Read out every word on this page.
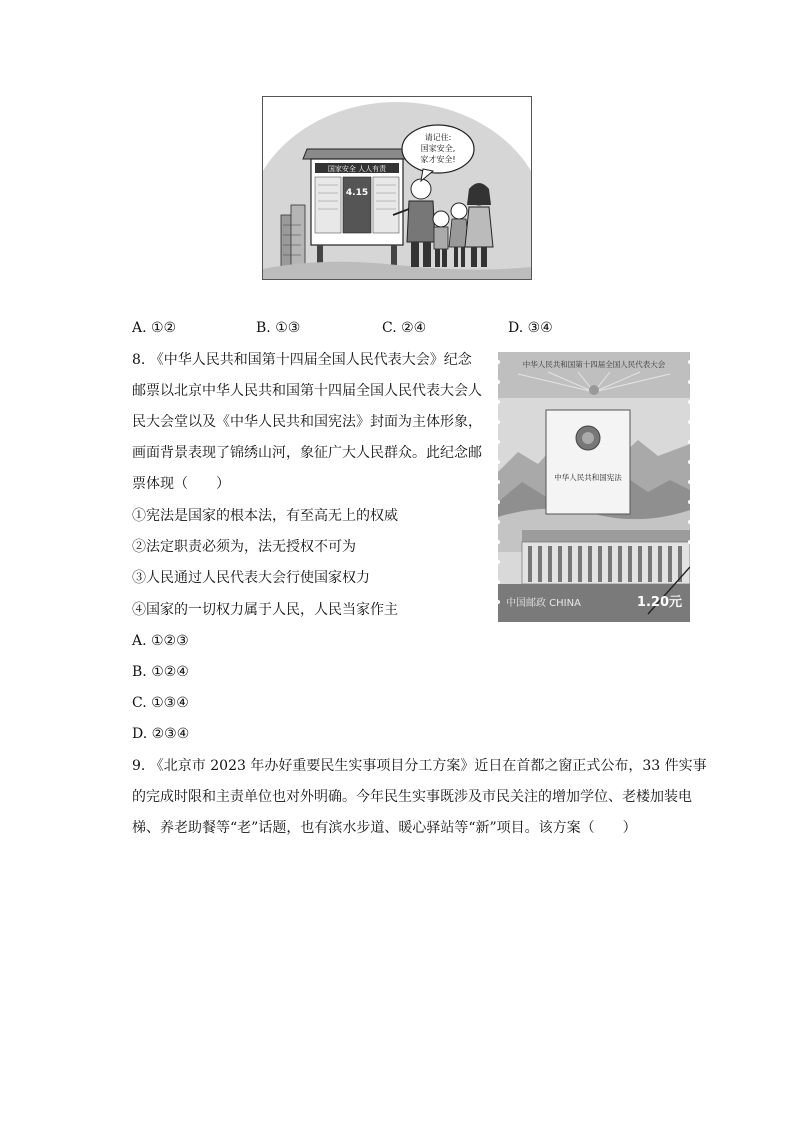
国家安全 人人有责
4.15
请记住:
国家安全,
家才安全!
A. ①②	B. ①③	C. ②④	D. ③④
8. 《中华人民共和国第十四届全国人民代表大会》纪念
邮票以北京中华人民共和国第十四届全国人民代表大会人
民大会堂以及《中华人民共和国宪法》封面为主体形象，
画面背景表现了锦绣山河，象征广大人民群众。此纪念邮
票体现（　　）
①宪法是国家的根本法，有至高无上的权威
②法定职责必须为，法无授权不可为
③人民通过人民代表大会行使国家权力
④国家的一切权力属于人民，人民当家作主
A. ①②③
B. ①②④
C. ①③④
D. ②③④
中华人民共和国第十四届全国人民代表大会
中华人民共和国宪法
中国邮政 CHINA	1.20元
9. 《北京市 2023 年办好重要民生实事项目分工方案》近日在首都之窗正式公布，33 件实事
的完成时限和主责单位也对外明确。今年民生实事既涉及市民关注的增加学位、老楼加装电
梯、养老助餐等“老”话题，也有滨水步道、暖心驿站等“新”项目。该方案（　　）
